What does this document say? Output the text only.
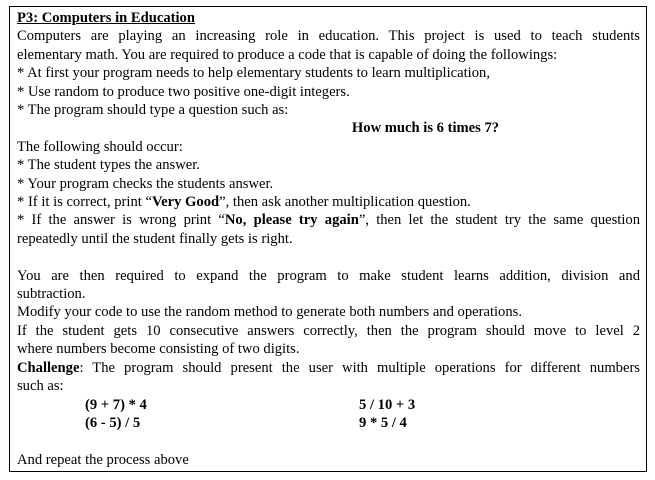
P3: Computers in Education
Computers are playing an increasing role in education. This project is used to teach students
elementary math. You are required to produce a code that is capable of doing the followings:
* At first your program needs to help elementary students to learn multiplication,
* Use random to produce two positive one-digit integers.
* The program should type a question such as:
How much is 6 times 7?
The following should occur:
* The student types the answer.
* Your program checks the students answer.
* If it is correct, print “Very Good”, then ask another multiplication question.
* If the answer is wrong print “No, please try again”, then let the student try the same question
repeatedly until the student finally gets is right.
You are then required to expand the program to make student learns addition, division and
subtraction.
Modify your code to use the random method to generate both numbers and operations.
If the student gets 10 consecutive answers correctly, then the program should move to level 2
where numbers become consisting of two digits.
Challenge: The program should present the user with multiple operations for different numbers
such as:
(9 + 7) * 4	5 / 10 + 3
(6 - 5) / 5	9 * 5 / 4
And repeat the process above
